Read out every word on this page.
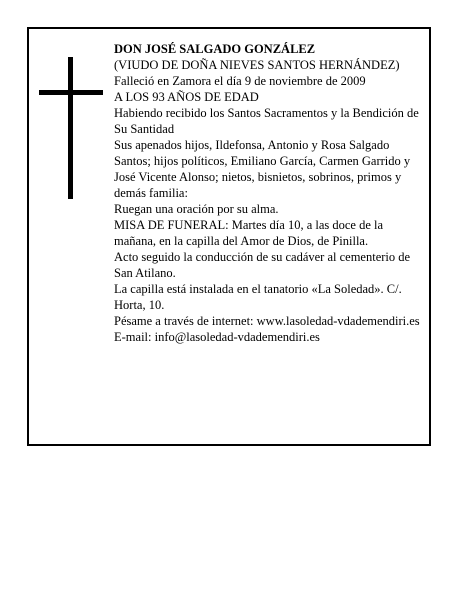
DON JOSÉ SALGADO GONZÁLEZ

(VIUDO DE DOÑA NIEVES SANTOS HERNÁNDEZ)

Falleció en Zamora el día 9 de noviembre de 2009

A LOS 93 AÑOS DE EDAD

Habiendo recibido los Santos Sacramentos y la Bendición de Su Santidad

Sus apenados hijos, Ildefonsa, Antonio y Rosa Salgado Santos; hijos políticos, Emiliano García, Carmen Garrido y José Vicente Alonso; nietos, bisnietos, sobrinos, primos y demás familia:

Ruegan una oración por su alma.

MISA DE FUNERAL: Martes día 10, a las doce de la mañana, en la capilla del Amor de Dios, de Pinilla.

Acto seguido la conducción de su cadáver al cementerio de San Atilano.

La capilla está instalada en el tanatorio «La Soledad». C/. Horta, 10.

Pésame a través de internet: www.lasoledad-vdademendiri.es

E-mail: info@lasoledad-vdademendiri.es
